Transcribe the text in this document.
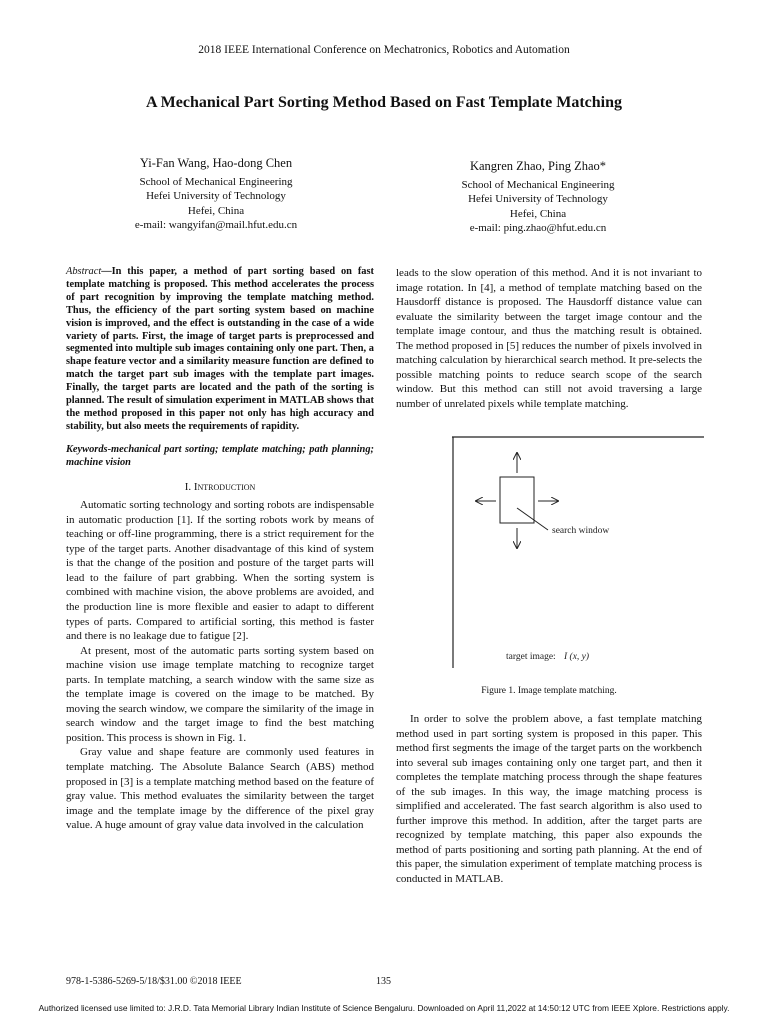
2018 IEEE International Conference on Mechatronics, Robotics and Automation
A Mechanical Part Sorting Method Based on Fast Template Matching
Yi-Fan Wang, Hao-dong Chen
School of Mechanical Engineering
Hefei University of Technology
Hefei, China
e-mail: wangyifan@mail.hfut.edu.cn
Kangren Zhao, Ping Zhao*
School of Mechanical Engineering
Hefei University of Technology
Hefei, China
e-mail: ping.zhao@hfut.edu.cn

Abstract—In this paper, a method of part sorting based on fast template matching is proposed. This method accelerates the process of part recognition by improving the template matching method. Thus, the efficiency of the part sorting system based on machine vision is improved, and the effect is outstanding in the case of a wide variety of parts. First, the image of target parts is preprocessed and segmented into multiple sub images containing only one part. Then, a shape feature vector and a similarity measure function are defined to match the target part sub images with the template part images. Finally, the target parts are located and the path of the sorting is planned. The result of simulation experiment in MATLAB shows that the method proposed in this paper not only has high accuracy and stability, but also meets the requirements of rapidity.

Keywords-mechanical part sorting; template matching; path planning; machine vision

I. Introduction

Automatic sorting technology and sorting robots are indispensable in automatic production [1]. If the sorting robots work by means of teaching or off-line programming, there is a strict requirement for the type of the target parts. Another disadvantage of this kind of system is that the change of the position and posture of the target parts will lead to the failure of part grabbing. When the sorting system is combined with machine vision, the above problems are avoided, and the production line is more flexible and easier to adapt to different types of parts. Compared to artificial sorting, this method is faster and there is no leakage due to fatigue [2].

At present, most of the automatic parts sorting system based on machine vision use image template matching to recognize target parts. In template matching, a search window with the same size as the template image is covered on the image to be matched. By moving the search window, we compare the similarity of the image in search window and the target image to find the best matching position. This process is shown in Fig. 1.

Gray value and shape feature are commonly used features in template matching. The Absolute Balance Search (ABS) method proposed in [3] is a template matching method based on the feature of gray value. This method evaluates the similarity between the target image and the template image by the difference of the pixel gray value. A huge amount of gray value data involved in the calculation

leads to the slow operation of this method. And it is not invariant to image rotation. In [4], a method of template matching based on the Hausdorff distance is proposed. The Hausdorff distance value can evaluate the similarity between the target image contour and the template image contour, and thus the matching result is obtained. The method proposed in [5] reduces the number of pixels involved in matching calculation by hierarchical search method. It pre-selects the possible matching points to reduce search scope of the search window. But this method can still not avoid traversing a large number of unrelated pixels while template matching.

search window
target image: I (x, y)
Figure 1. Image template matching.

In order to solve the problem above, a fast template matching method used in part sorting system is proposed in this paper. This method first segments the image of the target parts on the workbench into several sub images containing only one target part, and then it completes the template matching process through the shape features of the sub images. In this way, the image matching process is simplified and accelerated. The fast search algorithm is also used to further improve this method. In addition, after the target parts are recognized by template matching, this paper also expounds the method of parts positioning and sorting path planning. At the end of this paper, the simulation experiment of template matching process is conducted in MATLAB.

978-1-5386-5269-5/18/$31.00 ©2018 IEEE	135
Authorized licensed use limited to: J.R.D. Tata Memorial Library Indian Institute of Science Bengaluru. Downloaded on April 11,2022 at 14:50:12 UTC from IEEE Xplore. Restrictions apply.
